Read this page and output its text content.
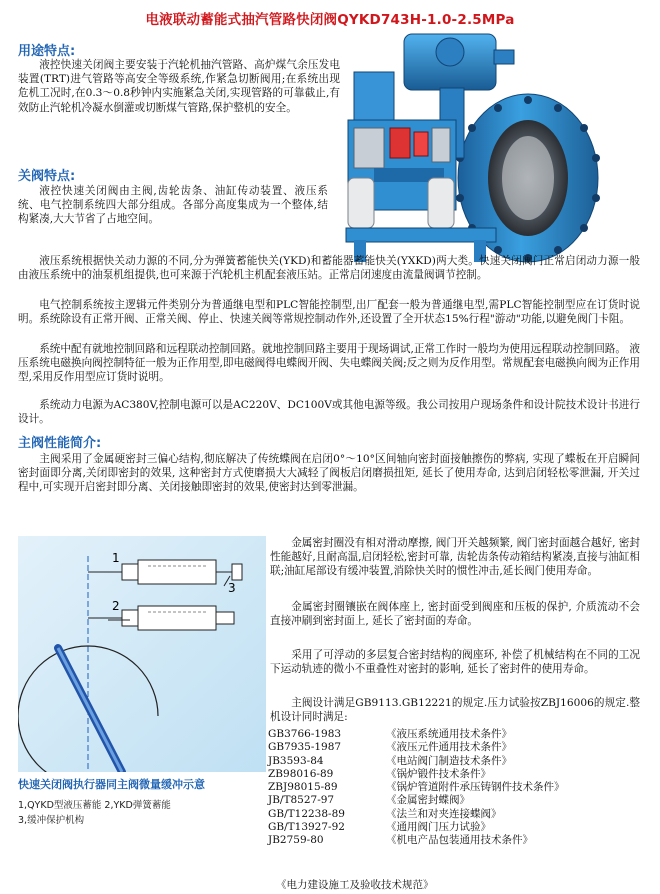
电液联动蓄能式抽汽管路快闭阀QYKD743H-1.0-2.5MPa
用途特点:

液控快速关闭阀主要安装于汽轮机抽汽管路、高炉煤气余压发电装置(TRT)进气管路等高安全等级系统,作紧急切断阀用;在系统出现危机工况时,在0.3～0.8秒钟内实施紧急关闭,实现管路的可靠截止,有效防止汽轮机冷凝水倒灌或切断煤气管路,保护整机的安全。

关阀特点:

液控快速关闭阀由主阀,齿轮齿条、油缸传动装置、液压系统、电气控制系统四大部分组成。各部分高度集成为一个整体,结构紧凑,大大节省了占地空间。

液压系统根据快关动力源的不同,分为弹簧蓄能快关(YKD)和蓄能器蓄能快关(YXKD)两大类。快速关闭阀门正常启闭动力源一般由液压系统中的油泵机组提供,也可来源于汽轮机主机配套液压站。正常启闭速度由流量阀调节控制。

电气控制系统按主逻辑元件类别分为普通继电型和PLC智能控制型,出厂配套一般为普通继电型,需PLC智能控制型应在订货时说明。系统除设有正常开阀、正常关阀、停止、快速关阀等常规控制动作外,还设置了全开状态15%行程"游动"功能,以避免阀门卡阻。

系统中配有就地控制回路和远程联动控制回路。就地控制回路主要用于现场调试,正常工作时一般均为使用远程联动控制回路。 液压系统电磁换向阀控制特征一般为正作用型,即电磁阀得电蝶阀开阀、失电蝶阀关阀;反之则为反作用型。常规配套电磁换向阀为正作用型,采用反作用型应订货时说明。

系统动力电源为AC380V,控制电源可以是AC220V、DC100V或其他电源等级。我公司按用户现场条件和设计院技术设计书进行设计。

主阀性能简介:

主阀采用了金属硬密封三偏心结构,彻底解决了传统蝶阀在启闭0°～10°区间轴向密封面接触擦伤的弊病, 实现了蝶板在开启瞬间密封面即分离,关闭即密封的效果, 这种密封方式使磨损大大减轻了阀板启闭磨损扭矩, 延长了使用寿命, 达到启闭轻松零泄漏, 开关过程中,可实现开启密封即分离、关闭接触即密封的效果,使密封达到零泄漏。

1
2
3
快速关闭阀执行器同主阀微量缓冲示意
1,QYKD型液压蓄能 2,YKD弹簧蓄能
3,缓冲保护机构

金属密封圈没有相对滑动摩擦, 阀门开关越频繁, 阀门密封面越合越好, 密封性能越好,且耐高温,启闭轻松,密封可靠, 齿轮齿条传动箱结构紧凑,直接与油缸相联;油缸尾部设有缓冲装置,消除快关时的惯性冲击,延长阀门使用寿命。

金属密封圈镶嵌在阀体座上, 密封面受到阀座和压板的保护, 介质流动不会直接冲刷到密封面上, 延长了密封面的寿命。

采用了可浮动的多层复合密封结构的阀座环, 补偿了机械结构在不同的工况下运动轨迹的微小不重叠性对密封的影响, 延长了密封件的使用寿命。

主阀设计满足GB9113.GB12221的规定.压力试验按ZBJ16006的规定.整机设计同时满足:

GB3766-1983	《液压系统通用技术条件》
GB7935-1987	《液压元件通用技术条件》
JB3593-84	《电站阀门制造技术条件》
ZB98016-89	《锅炉锻件技术条件》
ZBJ98015-89	《锅炉管道附件承压铸钢件技术条件》
JB/T8527-97	《金属密封蝶阀》
GB/T12238-89	《法兰和对夹连接蝶阀》
GB/T13927-92	《通用阀门压力试验》
JB2759-80	《机电产品包装通用技术条件》
《电力建设施工及验收技术规范》
